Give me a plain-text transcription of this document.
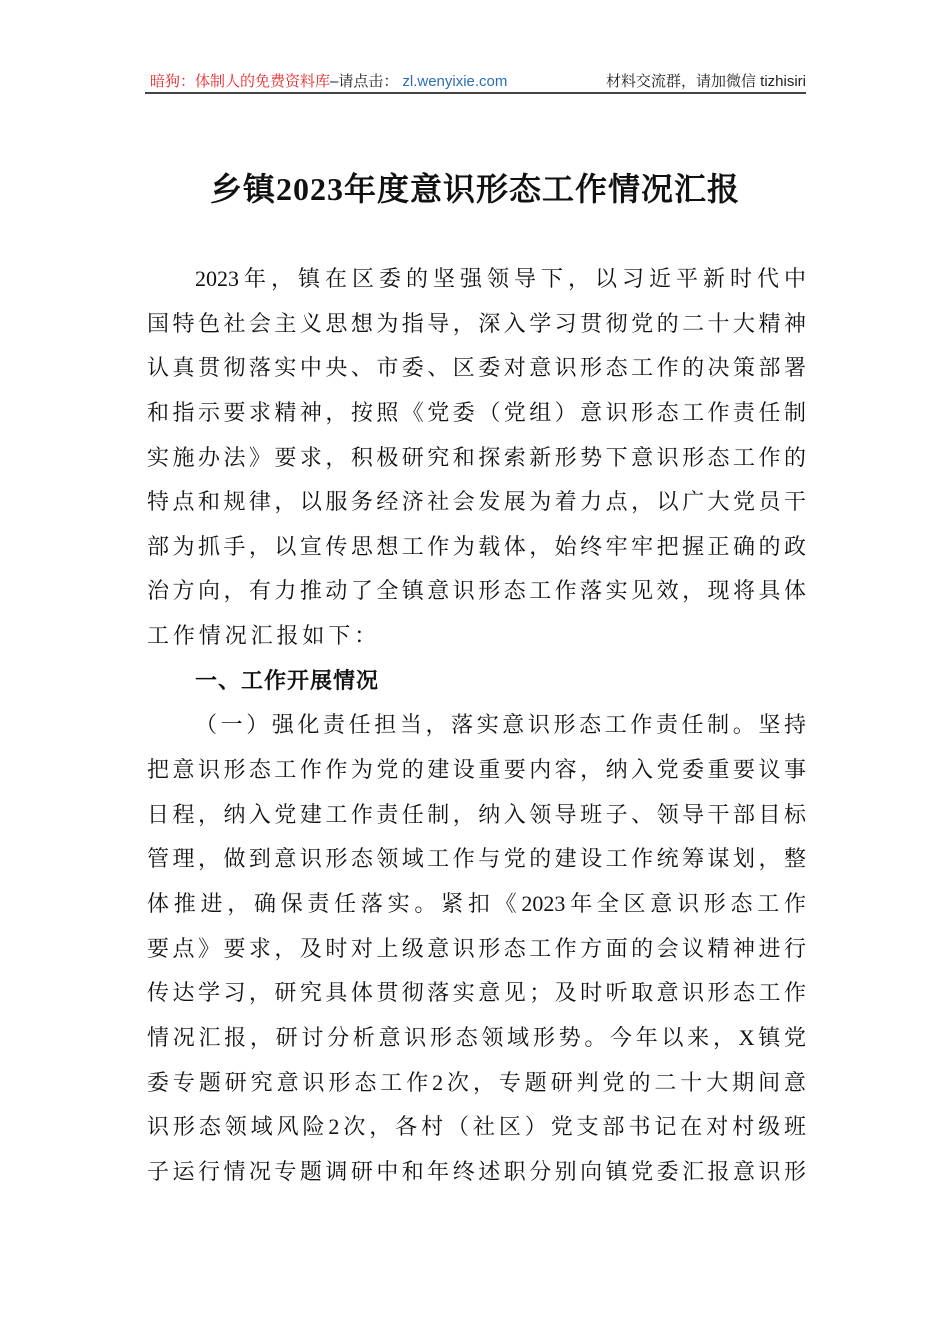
暗狗：体制人的免费资料库 –请点击： zl.wenyixie.com	材料交流群，请加微信 tizhisiri
乡镇2023年度意识形态工作情况汇报
2023年，镇在区委的坚强领导下，以习近平新时代中
国特色社会主义思想为指导，深入学习贯彻党的二十大精神
认真贯彻落实中央、市委、区委对意识形态工作的决策部署
和指示要求精神，按照《党委（党组）意识形态工作责任制
实施办法》要求，积极研究和探索新形势下意识形态工作的
特点和规律，以服务经济社会发展为着力点，以广大党员干
部为抓手，以宣传思想工作为载体，始终牢牢把握正确的政
治方向，有力推动了全镇意识形态工作落实见效，现将具体
工作情况汇报如下：
一、工作开展情况
（一）强化责任担当，落实意识形态工作责任制。坚持
把意识形态工作作为党的建设重要内容，纳入党委重要议事
日程，纳入党建工作责任制，纳入领导班子、领导干部目标
管理，做到意识形态领域工作与党的建设工作统筹谋划，整
体推进，确保责任落实。紧扣《2023年全区意识形态工作
要点》要求，及时对上级意识形态工作方面的会议精神进行
传达学习，研究具体贯彻落实意见；及时听取意识形态工作
情况汇报，研讨分析意识形态领域形势。今年以来，X镇党
委专题研究意识形态工作2次，专题研判党的二十大期间意
识形态领域风险2次，各村（社区）党支部书记在对村级班
子运行情况专题调研中和年终述职分别向镇党委汇报意识形
